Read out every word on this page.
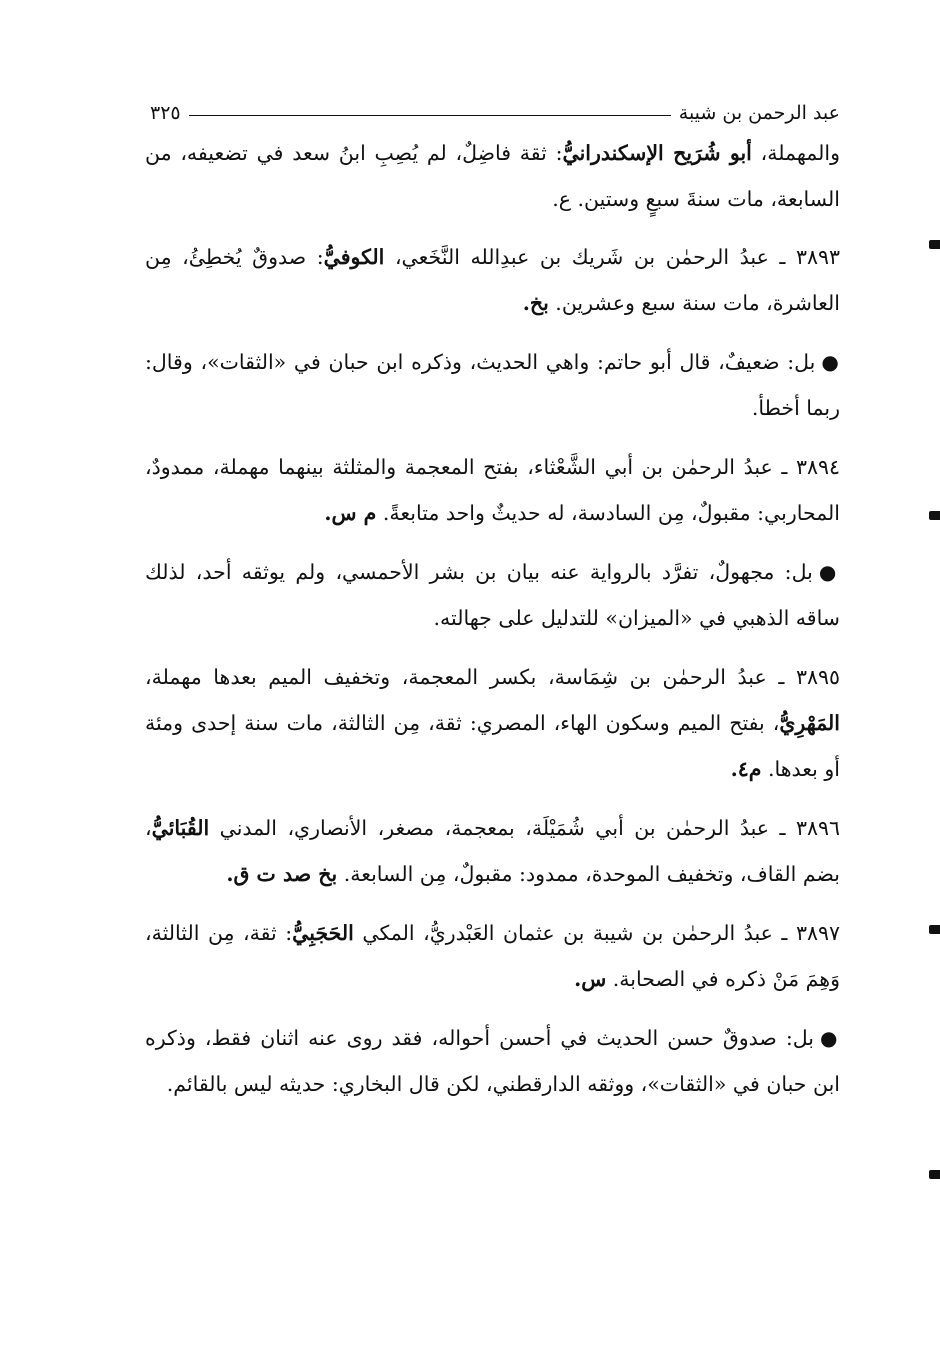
عبد الرحمن بن شيبة
٣٢٥

والمهملة، أبو شُرَيح الإسكندرانيُّ: ثقة فاضِلٌ، لم يُصِبِ ابنُ سعد في تضعيفه، من السابعة، مات سنةَ سبعٍ وستين. ع.

٣٨٩٣ ـ عبدُ الرحمٰن بن شَريك بن عبدِالله النَّخَعي، الكوفيُّ: صدوقٌ يُخطِئُ، مِن العاشرة، مات سنة سبع وعشرين. بخ.

●بل: ضعيفٌ، قال أبو حاتم: واهي الحديث، وذكره ابن حبان في «الثقات»، وقال: ربما أخطأ.

٣٨٩٤ ـ عبدُ الرحمٰن بن أبي الشَّعْثاء، بفتح المعجمة والمثلثة بينهما مهملة، ممدودٌ، المحاربي: مقبولٌ، مِن السادسة، له حديثٌ واحد متابعةً. م س.

●بل: مجهولٌ، تفرَّد بالرواية عنه بيان بن بشر الأحمسي، ولم يوثقه أحد، لذلك ساقه الذهبي في «الميزان» للتدليل على جهالته.

٣٨٩٥ ـ عبدُ الرحمٰن بن شِمَاسة، بكسر المعجمة، وتخفيف الميم بعدها مهملة، المَهْرِيُّ، بفتح الميم وسكون الهاء، المصري: ثقة، مِن الثالثة، مات سنة إحدى ومئة أو بعدها. م٤.

٣٨٩٦ ـ عبدُ الرحمٰن بن أبي شُمَيْلَة، بمعجمة، مصغر، الأنصاري، المدني القُبَائيُّ، بضم القاف، وتخفيف الموحدة، ممدود: مقبولٌ، مِن السابعة. بخ صد ت ق.

٣٨٩٧ ـ عبدُ الرحمٰن بن شيبة بن عثمان العَبْدريُّ، المكي الحَجَبِيُّ: ثقة، مِن الثالثة، وَهِمَ مَنْ ذكره في الصحابة. س.

●بل: صدوقٌ حسن الحديث في أحسن أحواله، فقد روى عنه اثنان فقط، وذكره ابن حبان في «الثقات»، ووثقه الدارقطني، لكن قال البخاري: حديثه ليس بالقائم.
